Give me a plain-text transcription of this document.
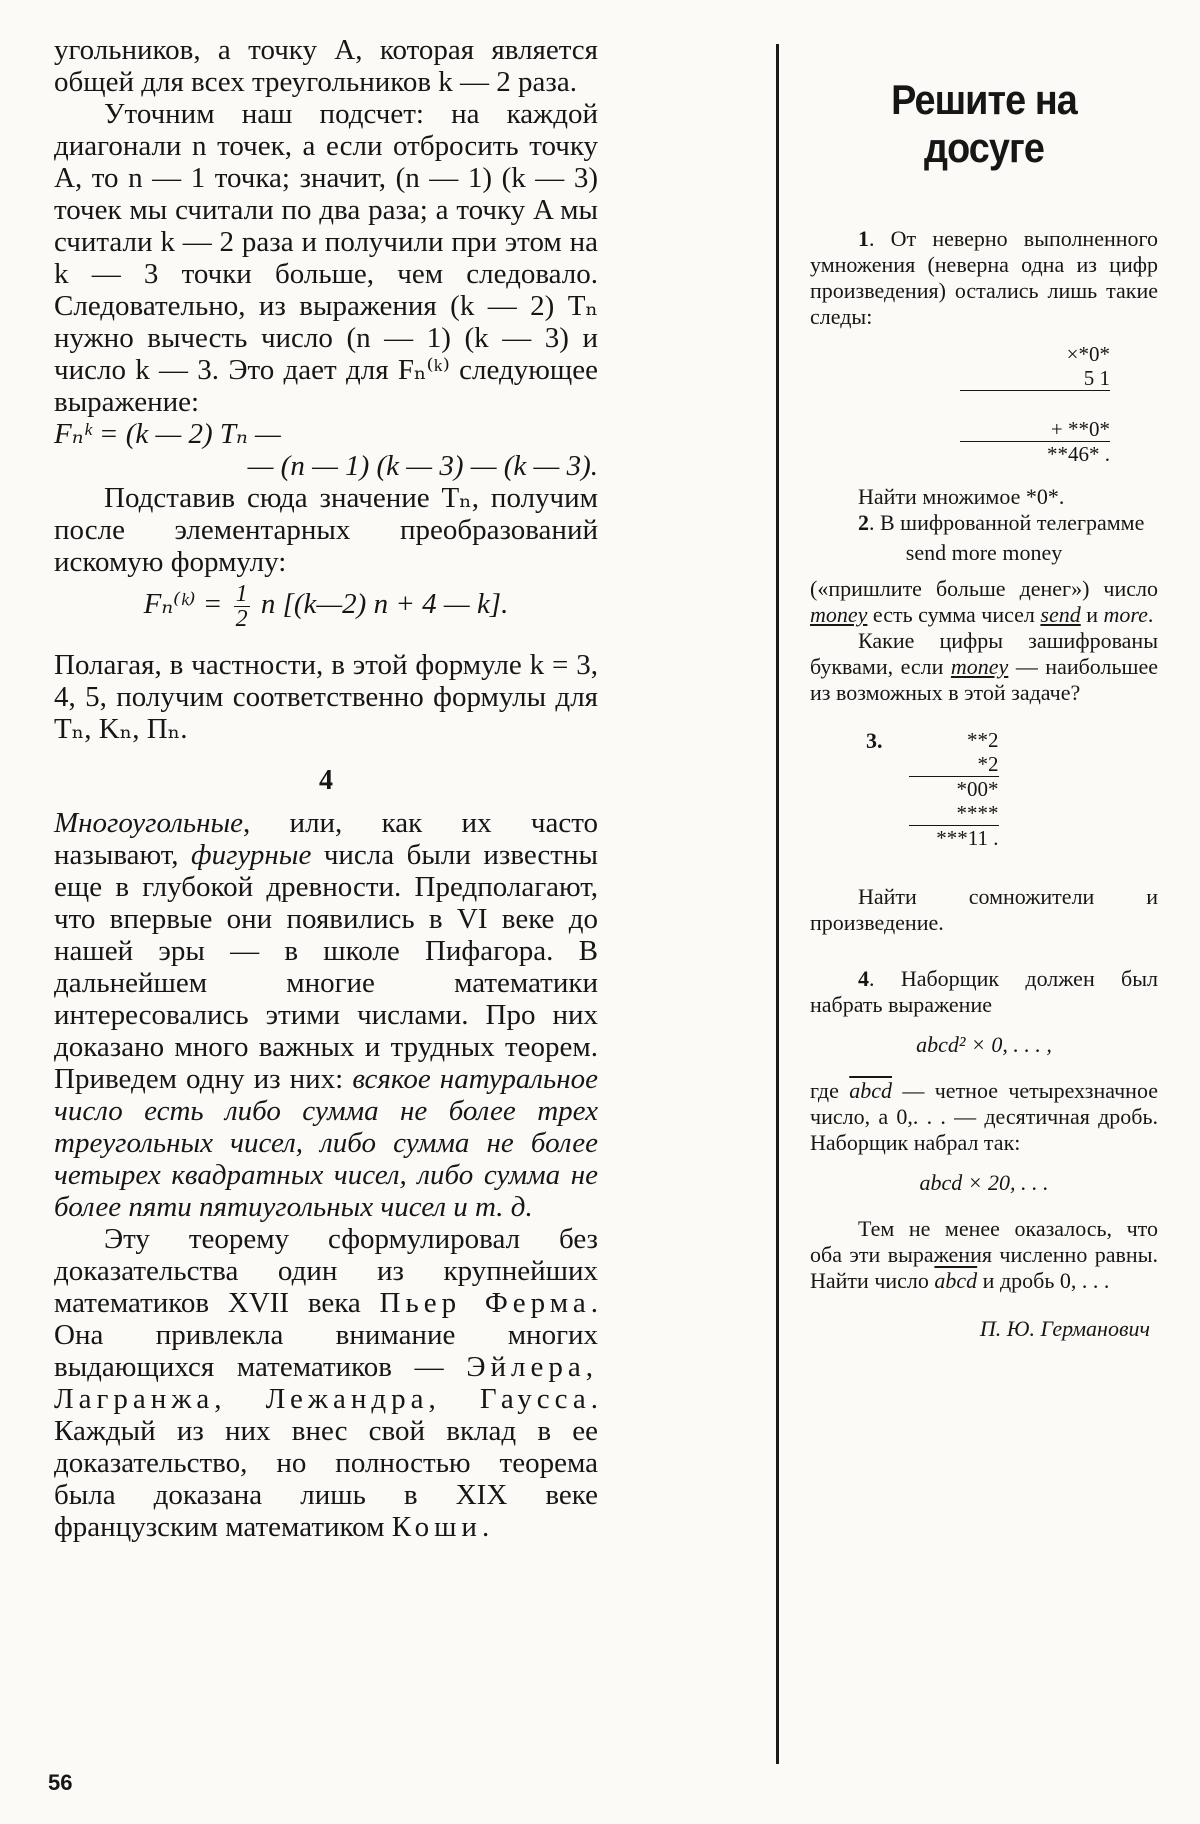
угольников, а точку A, которая является общей для всех треугольников k — 2 раза.

Уточним наш подсчет: на каждой диагонали n точек, а если отбросить точку A, то n — 1 точка; значит, (n — 1) (k — 3) точек мы считали по два раза; а точку A мы считали k — 2 раза и получили при этом на k — 3 точки больше, чем следовало. Следовательно, из выражения (k — 2) Tₙ нужно вычесть число (n — 1) (k — 3) и число k — 3. Это дает для Fₙ⁽ᵏ⁾ следующее выражение:

Fₙᵏ = (k — 2) Tₙ —
— (n — 1) (k — 3) — (k — 3).

Подставив сюда значение Tₙ, получим после элементарных преобразований искомую формулу:

Fₙ⁽ᵏ⁾ = $\frac{1}{2}$ n [(k—2) n + 4 — k].

Полагая, в частности, в этой формуле k = 3, 4, 5, получим соответственно формулы для Tₙ, Kₙ, Пₙ.

4

Многоугольные, или, как их часто называют, фигурные числа были известны еще в глубокой древности. Предполагают, что впервые они появились в VI веке до нашей эры — в школе Пифагора. В дальнейшем многие математики интересовались этими числами. Про них доказано много важных и трудных теорем. Приведем одну из них: всякое натуральное число есть либо сумма не более трех треугольных чисел, либо сумма не более четырех квадратных чисел, либо сумма не более пяти пятиугольных чисел и т. д.

Эту теорему сформулировал без доказательства один из крупнейших математиков XVII века Пьер Ферма. Она привлекла внимание многих выдающихся математиков — Эйлера, Лагранжа, Лежандра, Гаусса. Каждый из них внес свой вклад в ее доказательство, но полностью теорема была доказана лишь в XIX веке французским математиком Коши.

Решите на досуге

1. От неверно выполненного умножения (неверна одна из цифр произведения) остались лишь такие следы:

×*0*
5 1
+ **0*
**46* .

Найти множимое *0*.

2. В шифрованной телеграмме

send more money

(«пришлите больше денег») число money есть сумма чисел send и more.

Какие цифры зашифрованы буквами, если money — наибольшее из возможных в этой задаче?

3.	**2
*2
*00*
****
***11 .

Найти сомножители и произведение.

4. Наборщик должен был набрать выражение

abcd² × 0, . . . ,

где abcd — четное четырехзначное число, а 0,. . . — десятичная дробь. Наборщик набрал так:

abcd × 20, . . .

Тем не менее оказалось, что оба эти выражения численно равны. Найти число abcd и дробь 0, . . .

П. Ю. Германович
56
